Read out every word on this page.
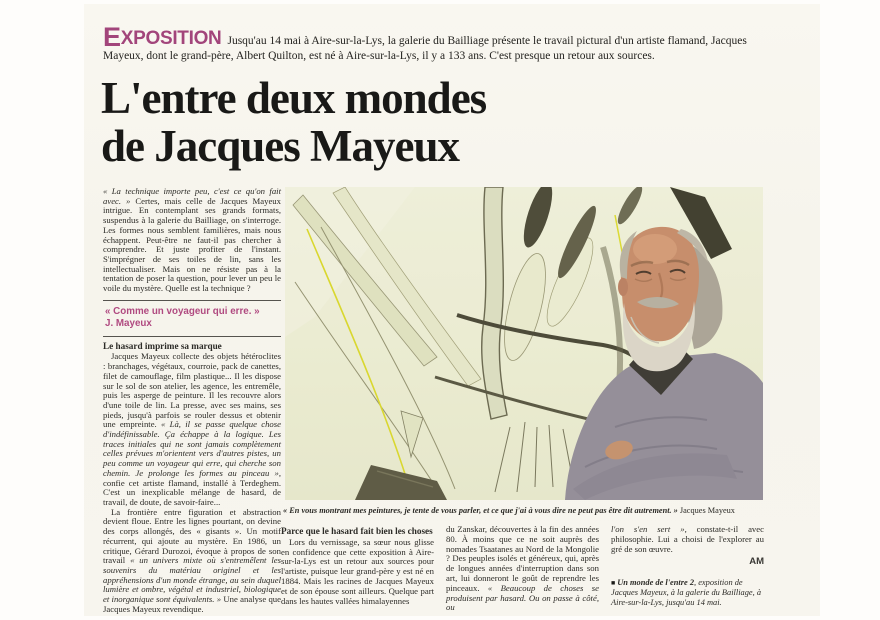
EXPOSITION Jusqu'au 14 mai à Aire-sur-la-Lys, la galerie du Bailliage présente le travail pictural d'un artiste flamand, Jacques Mayeux, dont le grand-père, Albert Quilton, est né à Aire-sur-la-Lys, il y a 133 ans. C'est presque un retour aux sources.
L'entre deux mondes
de Jacques Mayeux

« La technique importe peu, c'est ce qu'on fait avec. » Certes, mais celle de Jacques Mayeux intrigue. En contemplant ses grands formats, suspendus à la galerie du Bailliage, on s'interroge. Les formes nous semblent familières, mais nous échappent. Peut-être ne faut-il pas chercher à comprendre. Et juste profiter de l'instant. S'imprégner de ses toiles de lin, sans les intellectualiser. Mais on ne résiste pas à la tentation de poser la question, pour lever un peu le voile du mystère. Quelle est la technique ?

« Comme un voyageur qui erre. »
J. Mayeux
Le hasard imprime sa marque

Jacques Mayeux collecte des objets hétéroclites : branchages, végétaux, courroie, pack de canettes, filet de camouflage, film plastique... Il les dispose sur le sol de son atelier, les agence, les entremêle, puis les asperge de peinture. Il les recouvre alors d'une toile de lin. La presse, avec ses mains, ses pieds, jusqu'à parfois se rouler dessus et obtenir une empreinte. « Là, il se passe quelque chose d'indéfinissable. Ça échappe à la logique. Les traces initiales qui ne sont jamais complètement celles prévues m'orientent vers d'autres pistes, un peu comme un voyageur qui erre, qui cherche son chemin. Je prolonge les formes au pinceau », confie cet artiste flamand, installé à Terdeghem. C'est un inexplicable mélange de hasard, de travail, de doute, de savoir-faire...

La frontière entre figuration et abstraction devient floue. Entre les lignes pourtant, on devine des corps allongés, des « gisants ». Un motif récurrent, qui ajoute au mystère. En 1986, un critique, Gérard Durozoi, évoque à propos de son travail « un univers mixte où s'entremêlent les souvenirs du matériau originel et les appréhensions d'un monde étrange, au sein duquel lumière et ombre, végétal et industriel, biologique et inorganique sont équivalents. » Une analyse que Jacques Mayeux revendique.

« En vous montrant mes peintures, je tente de vous parler, et ce que j'ai à vous dire ne peut pas être dit autrement. » Jacques Mayeux
Parce que le hasard fait bien les choses

Lors du vernissage, sa sœur nous glisse en confidence que cette exposition à Aire-sur-la-Lys est un retour aux sources pour l'artiste, puisque leur grand-père y est né en 1884. Mais les racines de Jacques Mayeux et de son épouse sont ailleurs. Quelque part dans les hautes vallées himalayennes

du Zanskar, découvertes à la fin des années 80. À moins que ce ne soit auprès des nomades Tsaatanes au Nord de la Mongolie ? Des peuples isolés et généreux, qui, après de longues années d'interruption dans son art, lui donneront le goût de reprendre les pinceaux. « Beaucoup de choses se produisent par hasard. Ou on passe à côté, ou

l'on s'en sert », constate-t-il avec philosophie. Lui a choisi de l'explorer au gré de son œuvre.

AM
■ Un monde de l'entre 2, exposition de Jacques Mayeux, à la galerie du Bailliage, à Aire-sur-la-Lys, jusqu'au 14 mai.
